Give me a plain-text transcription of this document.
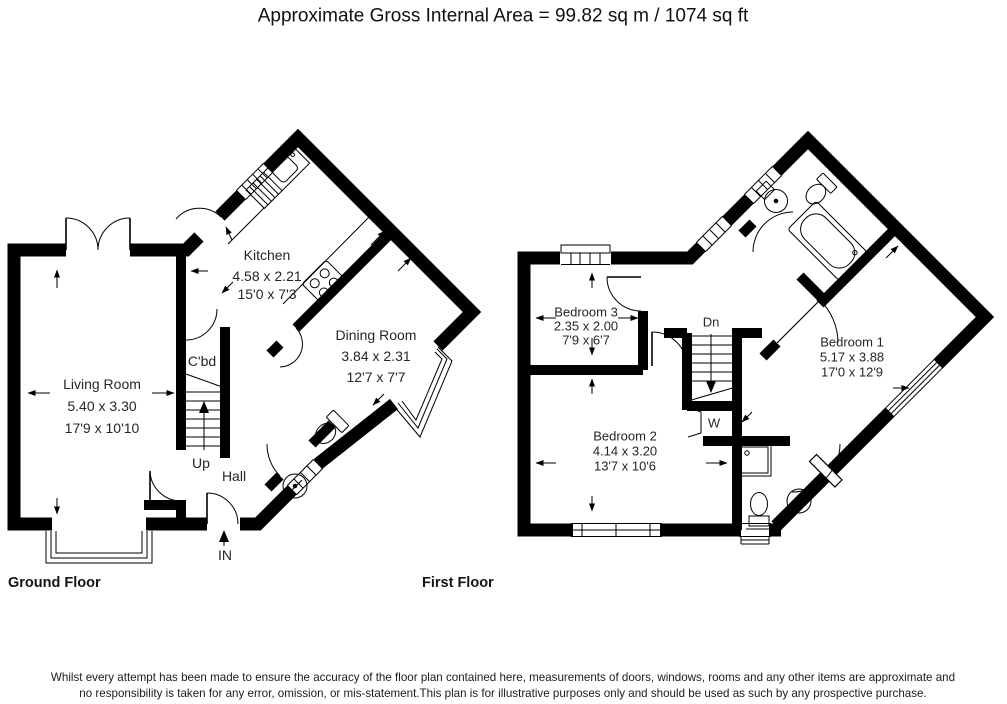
Approximate Gross Internal Area = 99.82 sq m / 1074 sq ft
Living Room
5.40 x 3.30
17'9 x 10'10
Kitchen
4.58 x 2.21
15'0 x 7'3
Dining Room
3.84 x 2.31
12'7 x 7'7
C'bd
Up
Hall
IN
Ground Floor
Bedroom 3
2.35 x 2.00
7'9 x 6'7	Bedroom 1
5.17 x 3.88
17'0 x 12'9
Bedroom 2
4.14 x 3.20
13'7 x 10'6
Dn
W
First Floor
Whilst every attempt has been made to ensure the accuracy of the floor plan contained here, measurements of doors, windows, rooms and any other items are approximate and
no responsibility is taken for any error, omission, or mis-statement.This plan is for illustrative purposes only and should be used as such by any prospective purchase.
